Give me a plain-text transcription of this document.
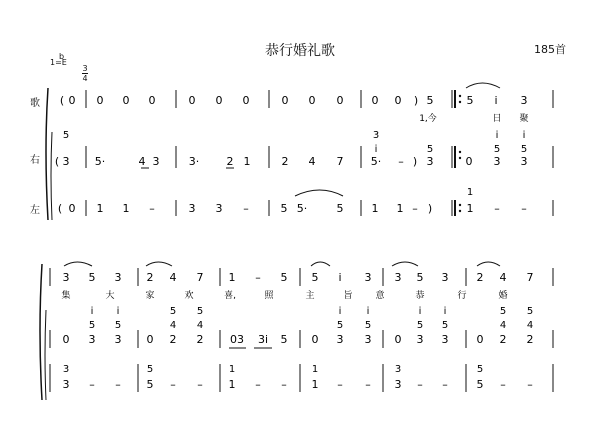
恭行婚礼歌	185首
1=
b
E
3
4
歌
右
左
( 0 0 0 0	0 0 0	0 0 0	0 0 ) 5	5 i 3
1,今	日 聚
5	3	i i
i	5	5 5
( 3 5·	4 3	3· 2 1	2 4 7 5· – ) 3	0 3 3
1
( 0 1 1 –	3 3 –	5 5·	5	1 1 – )	1 – –
3 5 3 2 4 7 1 – 5 5 i 3 3 5 3	2 4 7
集	大	家	欢	喜,	照	主	旨	意	恭	行	婚
i i	5 5	i	i	i i	5 5
5 5	4 4	5 5	5 5	4 4
0 3 3 0 2 2 03 3i 5 0 3 3 0 3 3	0 2 2
3	5	1	1	3	5
3 – – 5 – – 1 – – 1 – – 3 – –	5 – –
